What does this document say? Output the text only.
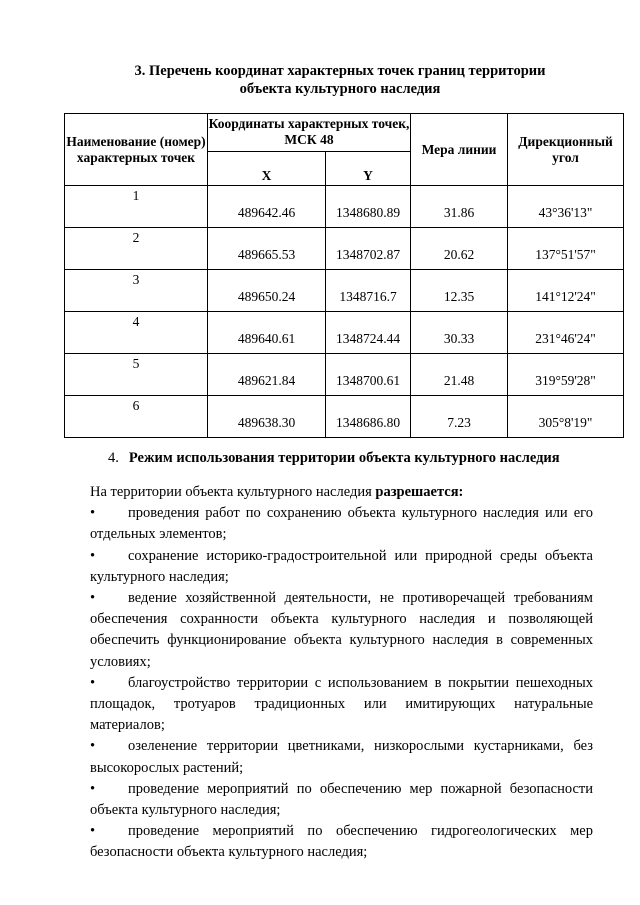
3. Перечень координат характерных точек границ территории
объекта культурного наследия
Наименование (номер) характерных точек	Координаты характерных точек, МСК 48		Мера линии	Дирекционный угол
	X	Y		
1	489642.46	1348680.89	31.86	43°36'13"
2	489665.53	1348702.87	20.62	137°51'57"
3	489650.24	1348716.7	12.35	141°12'24"
4	489640.61	1348724.44	30.33	231°46'24"
5	489621.84	1348700.61	21.48	319°59'28"
6	489638.30	1348686.80	7.23	305°8'19"
4. Режим использования территории объекта культурного наследия

На территории объекта культурного наследия разрешается:

• проведения работ по сохранению объекта культурного наследия или его отдельных элементов;

• сохранение историко-градостроительной или природной среды объекта культурного наследия;

• ведение хозяйственной деятельности, не противоречащей требованиям обеспечения сохранности объекта культурного наследия и позволяющей обеспечить функционирование объекта культурного наследия в современных условиях;

• благоустройство территории с использованием в покрытии пешеходных площадок, тротуаров традиционных или имитирующих натуральные материалов;

• озеленение территории цветниками, низкорослыми кустарниками, без высокорослых растений;

• проведение мероприятий по обеспечению мер пожарной безопасности объекта культурного наследия;

• проведение мероприятий по обеспечению гидрогеологических мер безопасности объекта культурного наследия;
